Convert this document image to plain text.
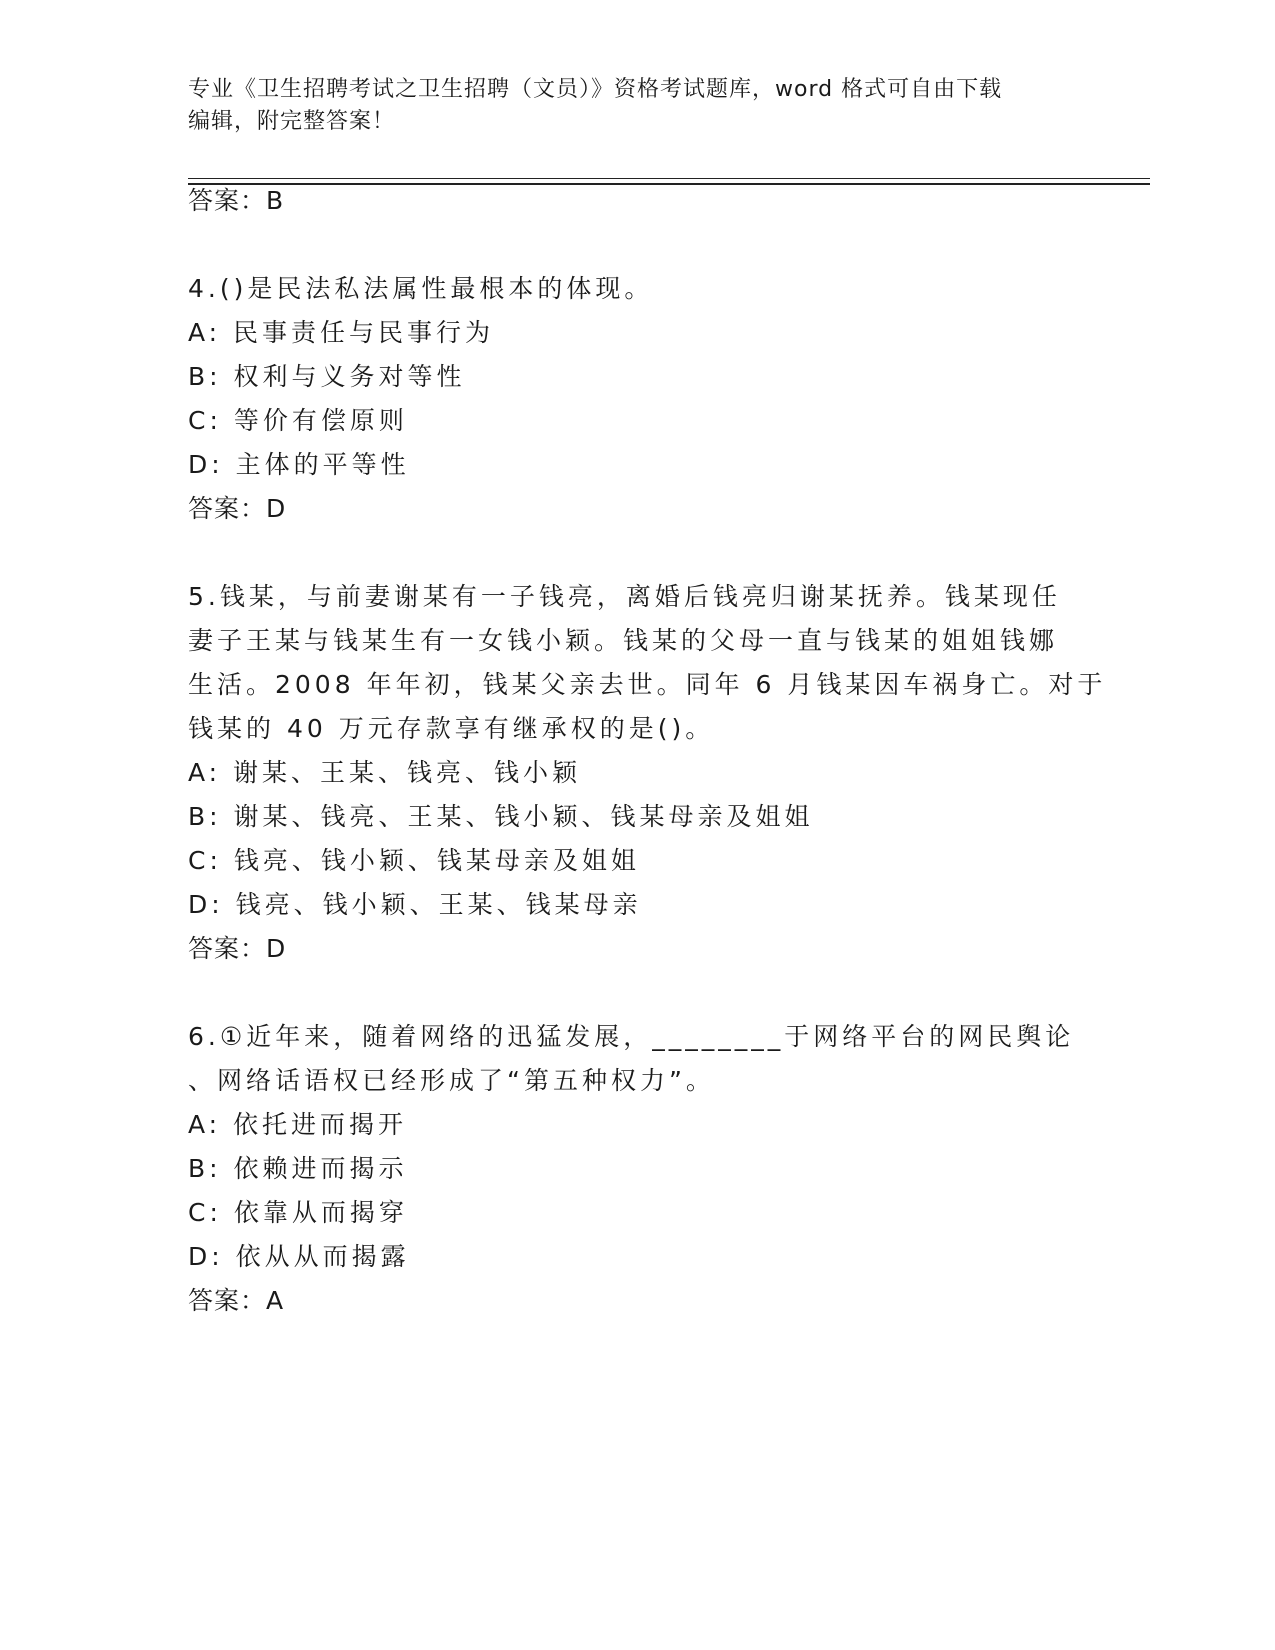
专业《卫生招聘考试之卫生招聘（文员）》资格考试题库，word 格式可自由下载
编辑，附完整答案！
答案：B
4.()是民法私法属性最根本的体现。
A: 民事责任与民事行为
B: 权利与义务对等性
C: 等价有偿原则
D: 主体的平等性
答案：D
5.钱某，与前妻谢某有一子钱亮，离婚后钱亮归谢某抚养。钱某现任
妻子王某与钱某生有一女钱小颖。钱某的父母一直与钱某的姐姐钱娜
生活。2008 年年初，钱某父亲去世。同年 6 月钱某因车祸身亡。对于
钱某的 40 万元存款享有继承权的是()。
A: 谢某、王某、钱亮、钱小颖
B: 谢某、钱亮、王某、钱小颖、钱某母亲及姐姐
C: 钱亮、钱小颖、钱某母亲及姐姐
D: 钱亮、钱小颖、王某、钱某母亲
答案：D
6.①近年来，随着网络的迅猛发展，________于网络平台的网民舆论
、网络话语权已经形成了“第五种权力”。
A: 依托进而揭开
B: 依赖进而揭示
C: 依靠从而揭穿
D: 依从从而揭露
答案：A
